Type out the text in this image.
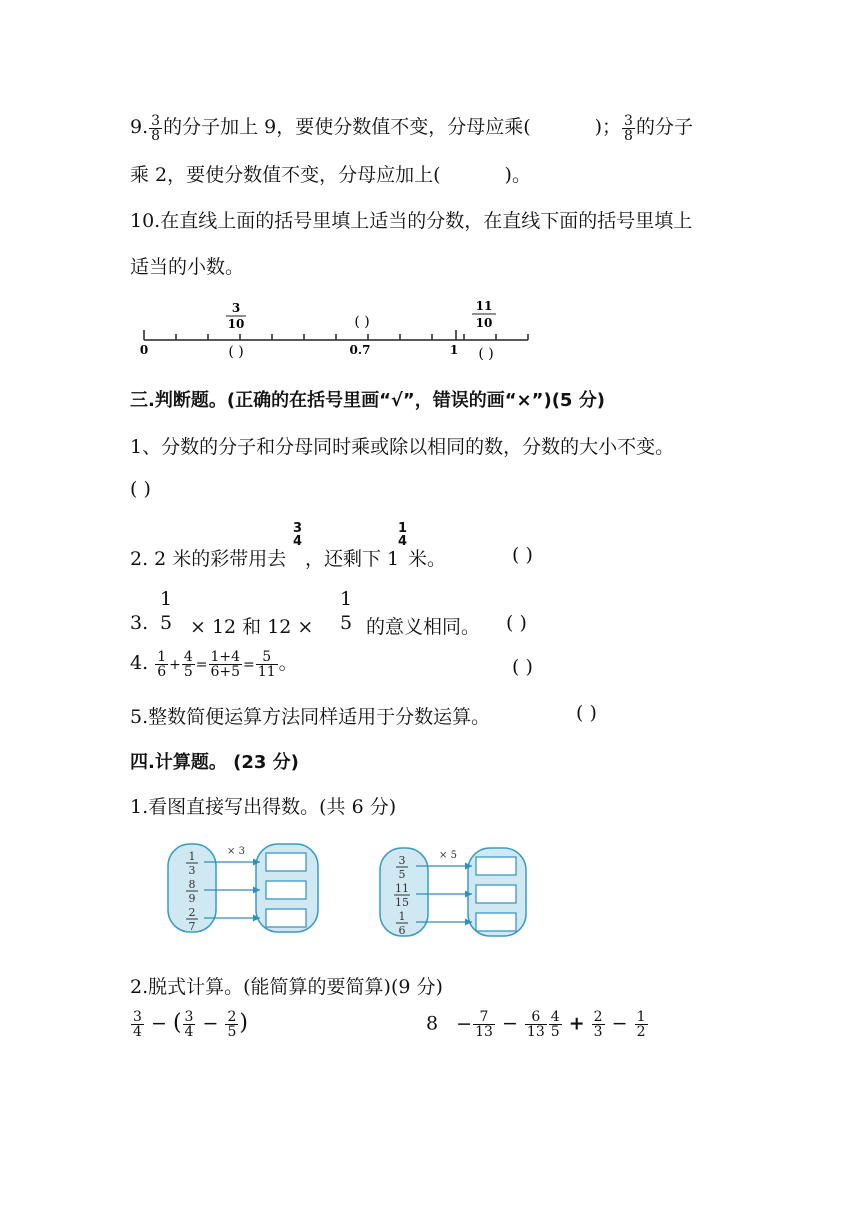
9. $\frac{3}{8}$ 的分子加上 9，要使分数值不变，分母应乘(	)； $\frac{3}{8}$ 的分子
乘 2，要使分数值不变，分母应加上(	)。
10.在直线上面的括号里填上适当的分数，在直线下面的括号里填上
适当的小数。
3
10	( )
11
10
0	( )	0.7	1 ( )
三.判断题。(正确的在括号里画“√”，错误的画“×”)(5 分)
1、分数的分子和分母同时乘或除以相同的数，分数的大小不变。
( )
2. 2 米的彩带用去
3
4
，还剩下 1
1
4
米。	( )
3.
1
5 × 12 和 12 ×
1
5 的意义相同。 ( )
4. $\frac{1}{6} + \frac{4}{5} = \frac{1+4}{6+5} = \frac{5}{11}$ 。	( )
5.整数简便运算方法同样适用于分数运算。	( )
四.计算题。 (23 分)
1.看图直接写出得数。(共 6 分)
1
3
8
9
2
7
× 3
3
5
11
15
1
6
× 5
2.脱式计算。(能简算的要简算)(9 分)
$\frac{3}{4}$ − ( $\frac{3}{4} - \frac{2}{5}$ )	$8 - \frac{7}{13} - \frac{6}{13} \frac{4}{5} + \frac{2}{3} - \frac{1}{2}$
